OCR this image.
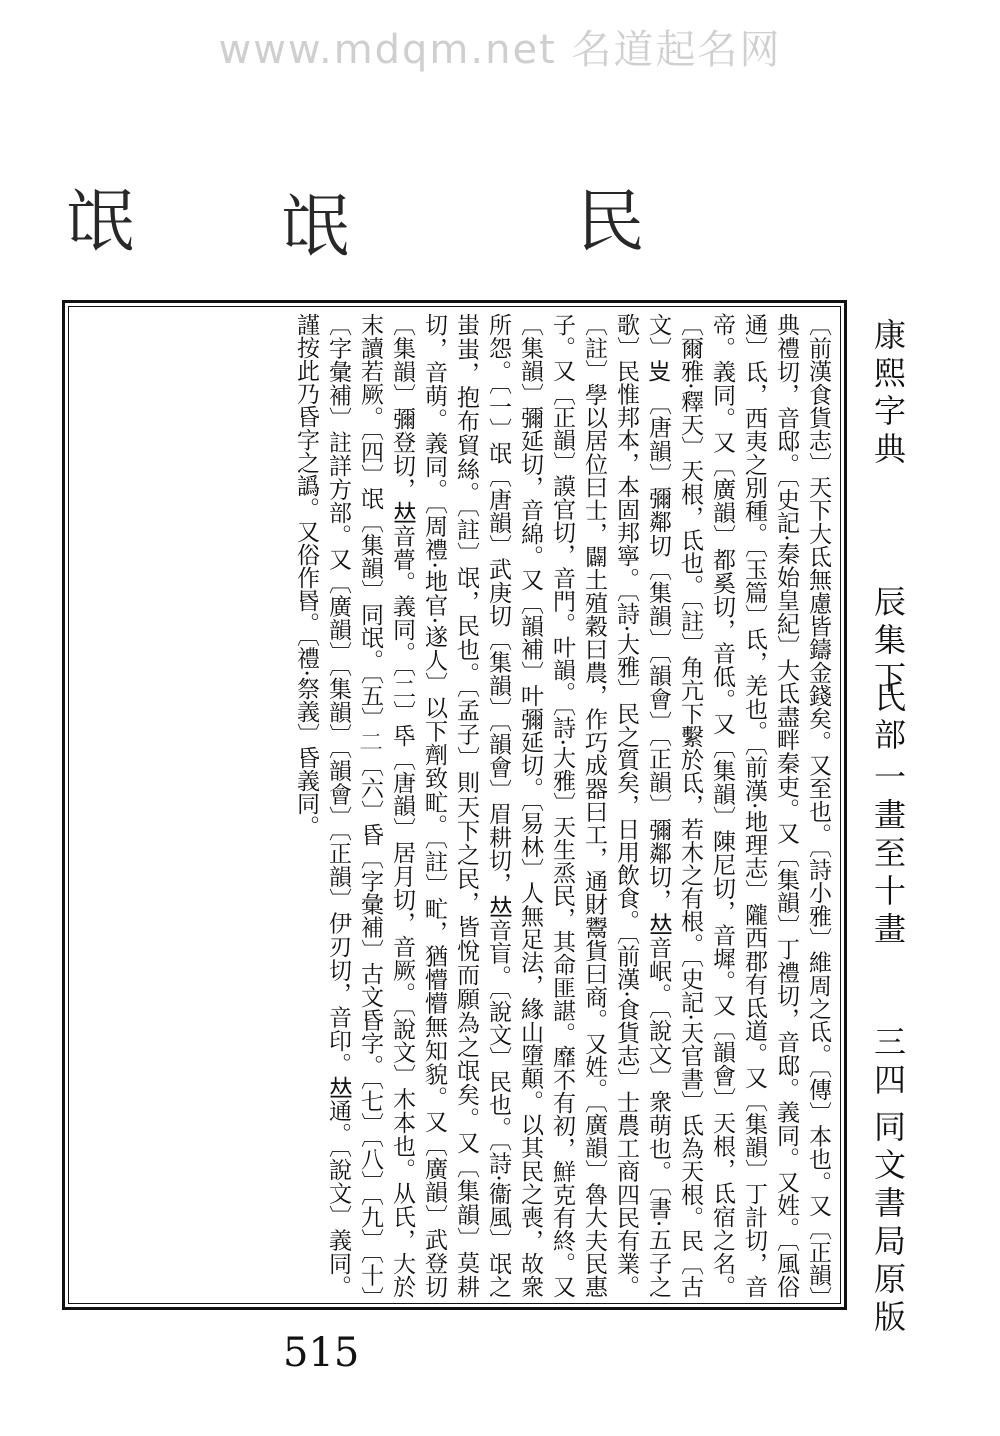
www.mdqm.net 名道起名网
民
氓
氓
〔前漢食貨志〕天下大氐無慮皆鑄金錢矣。又至也。〔詩小雅〕維周之氐。〔傳〕本也。又〔正韻〕典禮切，音邸。〔史記·秦始皇紀〕大氐盡畔秦吏。又〔集韻〕丁禮切，音邸。義同。又姓。〔風俗通〕氐，西夷之別種。〔玉篇〕氐，羌也。〔前漢·地理志〕隴西郡有氐道。又〔集韻〕丁計切，音帝。義同。又〔廣韻〕都奚切，音低。又〔集韻〕陳尼切，音墀。又〔韻會〕天根，氐宿之名。〔爾雅·釋天〕天根，氐也。〔註〕角亢下繫於氐，若木之有根。〔史記·天官書〕氐為天根。民〔古文〕𠬢 〔唐韻〕彌鄰切〔集韻〕〔韻會〕〔正韻〕彌鄰切，𠀤音岷。〔說文〕衆萌也。〔書·五子之歌〕民惟邦本，本固邦寧。〔詩·大雅〕民之質矣，日用飲食。〔前漢·食貨志〕士農工商四民有業。〔註〕學以居位曰士，闢土殖穀曰農，作巧成器曰工，通財鬻貨曰商。又姓。〔廣韻〕魯大夫民惠子。又〔正韻〕謨官切，音門。叶韻。〔詩·大雅〕天生烝民，其命匪諶。靡不有初，鮮克有終。又〔集韻〕彌延切，音綿。又〔韻補〕叶彌延切。〔易林〕人無足法，緣山墮顛。以其民之喪，故衆所怨。〔一〕氓〔唐韻〕武庚切〔集韻〕〔韻會〕眉耕切，𠀤音盲。〔說文〕民也。〔詩·衞風〕氓之蚩蚩，抱布貿絲。〔註〕氓，民也。〔孟子〕則天下之民，皆悅而願為之氓矣。又〔集韻〕莫耕切，音萌。義同。〔周禮·地官·遂人〕以下劑致甿。〔註〕甿，猶懵懵無知貌。又〔廣韻〕武登切〔集韻〕彌登切，𠀤音瞢。義同。〔二〕氒〔唐韻〕居月切，音厥。〔說文〕木本也。从氏，大於末讀若厥。〔四〕氓〔集韻〕同氓。〔五〕𠄞〔六〕昏〔字彙補〕古文昏字。〔七〕〔八〕〔九〕〔十〕〔字彙補〕註詳方部。又〔廣韻〕〔集韻〕〔韻會〕〔正韻〕伊刃切，音印。𠀤通。〔說文〕義同。謹按此乃昏字之譌。又俗作昬。〔禮·祭義〕昏義同。	康熙字典
辰集下
氏部
一畫至十畫
三四
同文書局原版
515
